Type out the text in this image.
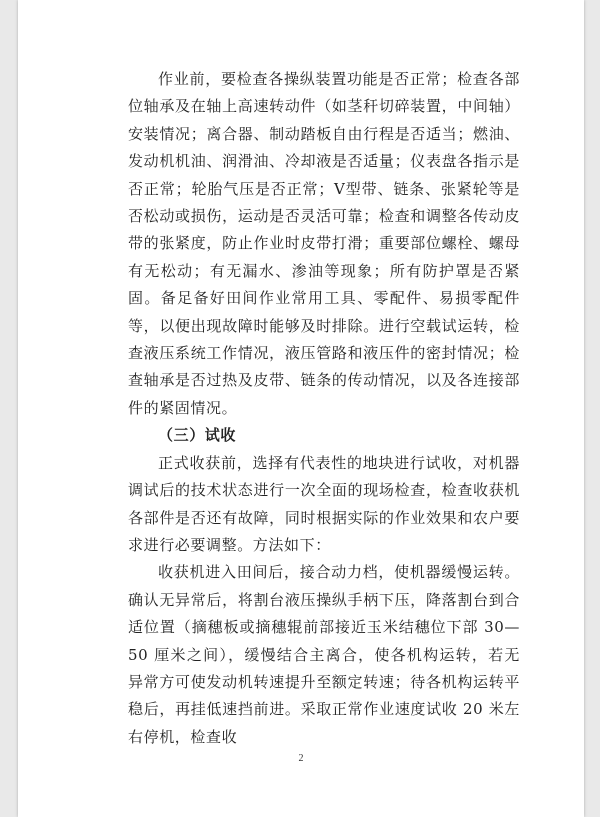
作业前，要检查各操纵装置功能是否正常；检查各部位轴承及在轴上高速转动件（如茎秆切碎装置，中间轴）安装情况；离合器、制动踏板自由行程是否适当；燃油、发动机机油、润滑油、冷却液是否适量；仪表盘各指示是否正常；轮胎气压是否正常；V型带、链条、张紧轮等是否松动或损伤，运动是否灵活可靠；检查和调整各传动皮带的张紧度，防止作业时皮带打滑；重要部位螺栓、螺母有无松动；有无漏水、渗油等现象；所有防护罩是否紧固。备足备好田间作业常用工具、零配件、易损零配件等，以便出现故障时能够及时排除。进行空载试运转，检查液压系统工作情况，液压管路和液压件的密封情况；检查轴承是否过热及皮带、链条的传动情况，以及各连接部件的紧固情况。

（三）试收

正式收获前，选择有代表性的地块进行试收，对机器调试后的技术状态进行一次全面的现场检查，检查收获机各部件是否还有故障，同时根据实际的作业效果和农户要求进行必要调整。方法如下：

收获机进入田间后，接合动力档，使机器缓慢运转。确认无异常后，将割台液压操纵手柄下压，降落割台到合适位置（摘穗板或摘穗辊前部接近玉米结穗位下部 30—50 厘米之间），缓慢结合主离合，使各机构运转，若无异常方可使发动机转速提升至额定转速；待各机构运转平稳后，再挂低速挡前进。采取正常作业速度试收 20 米左右停机，检查收

2
